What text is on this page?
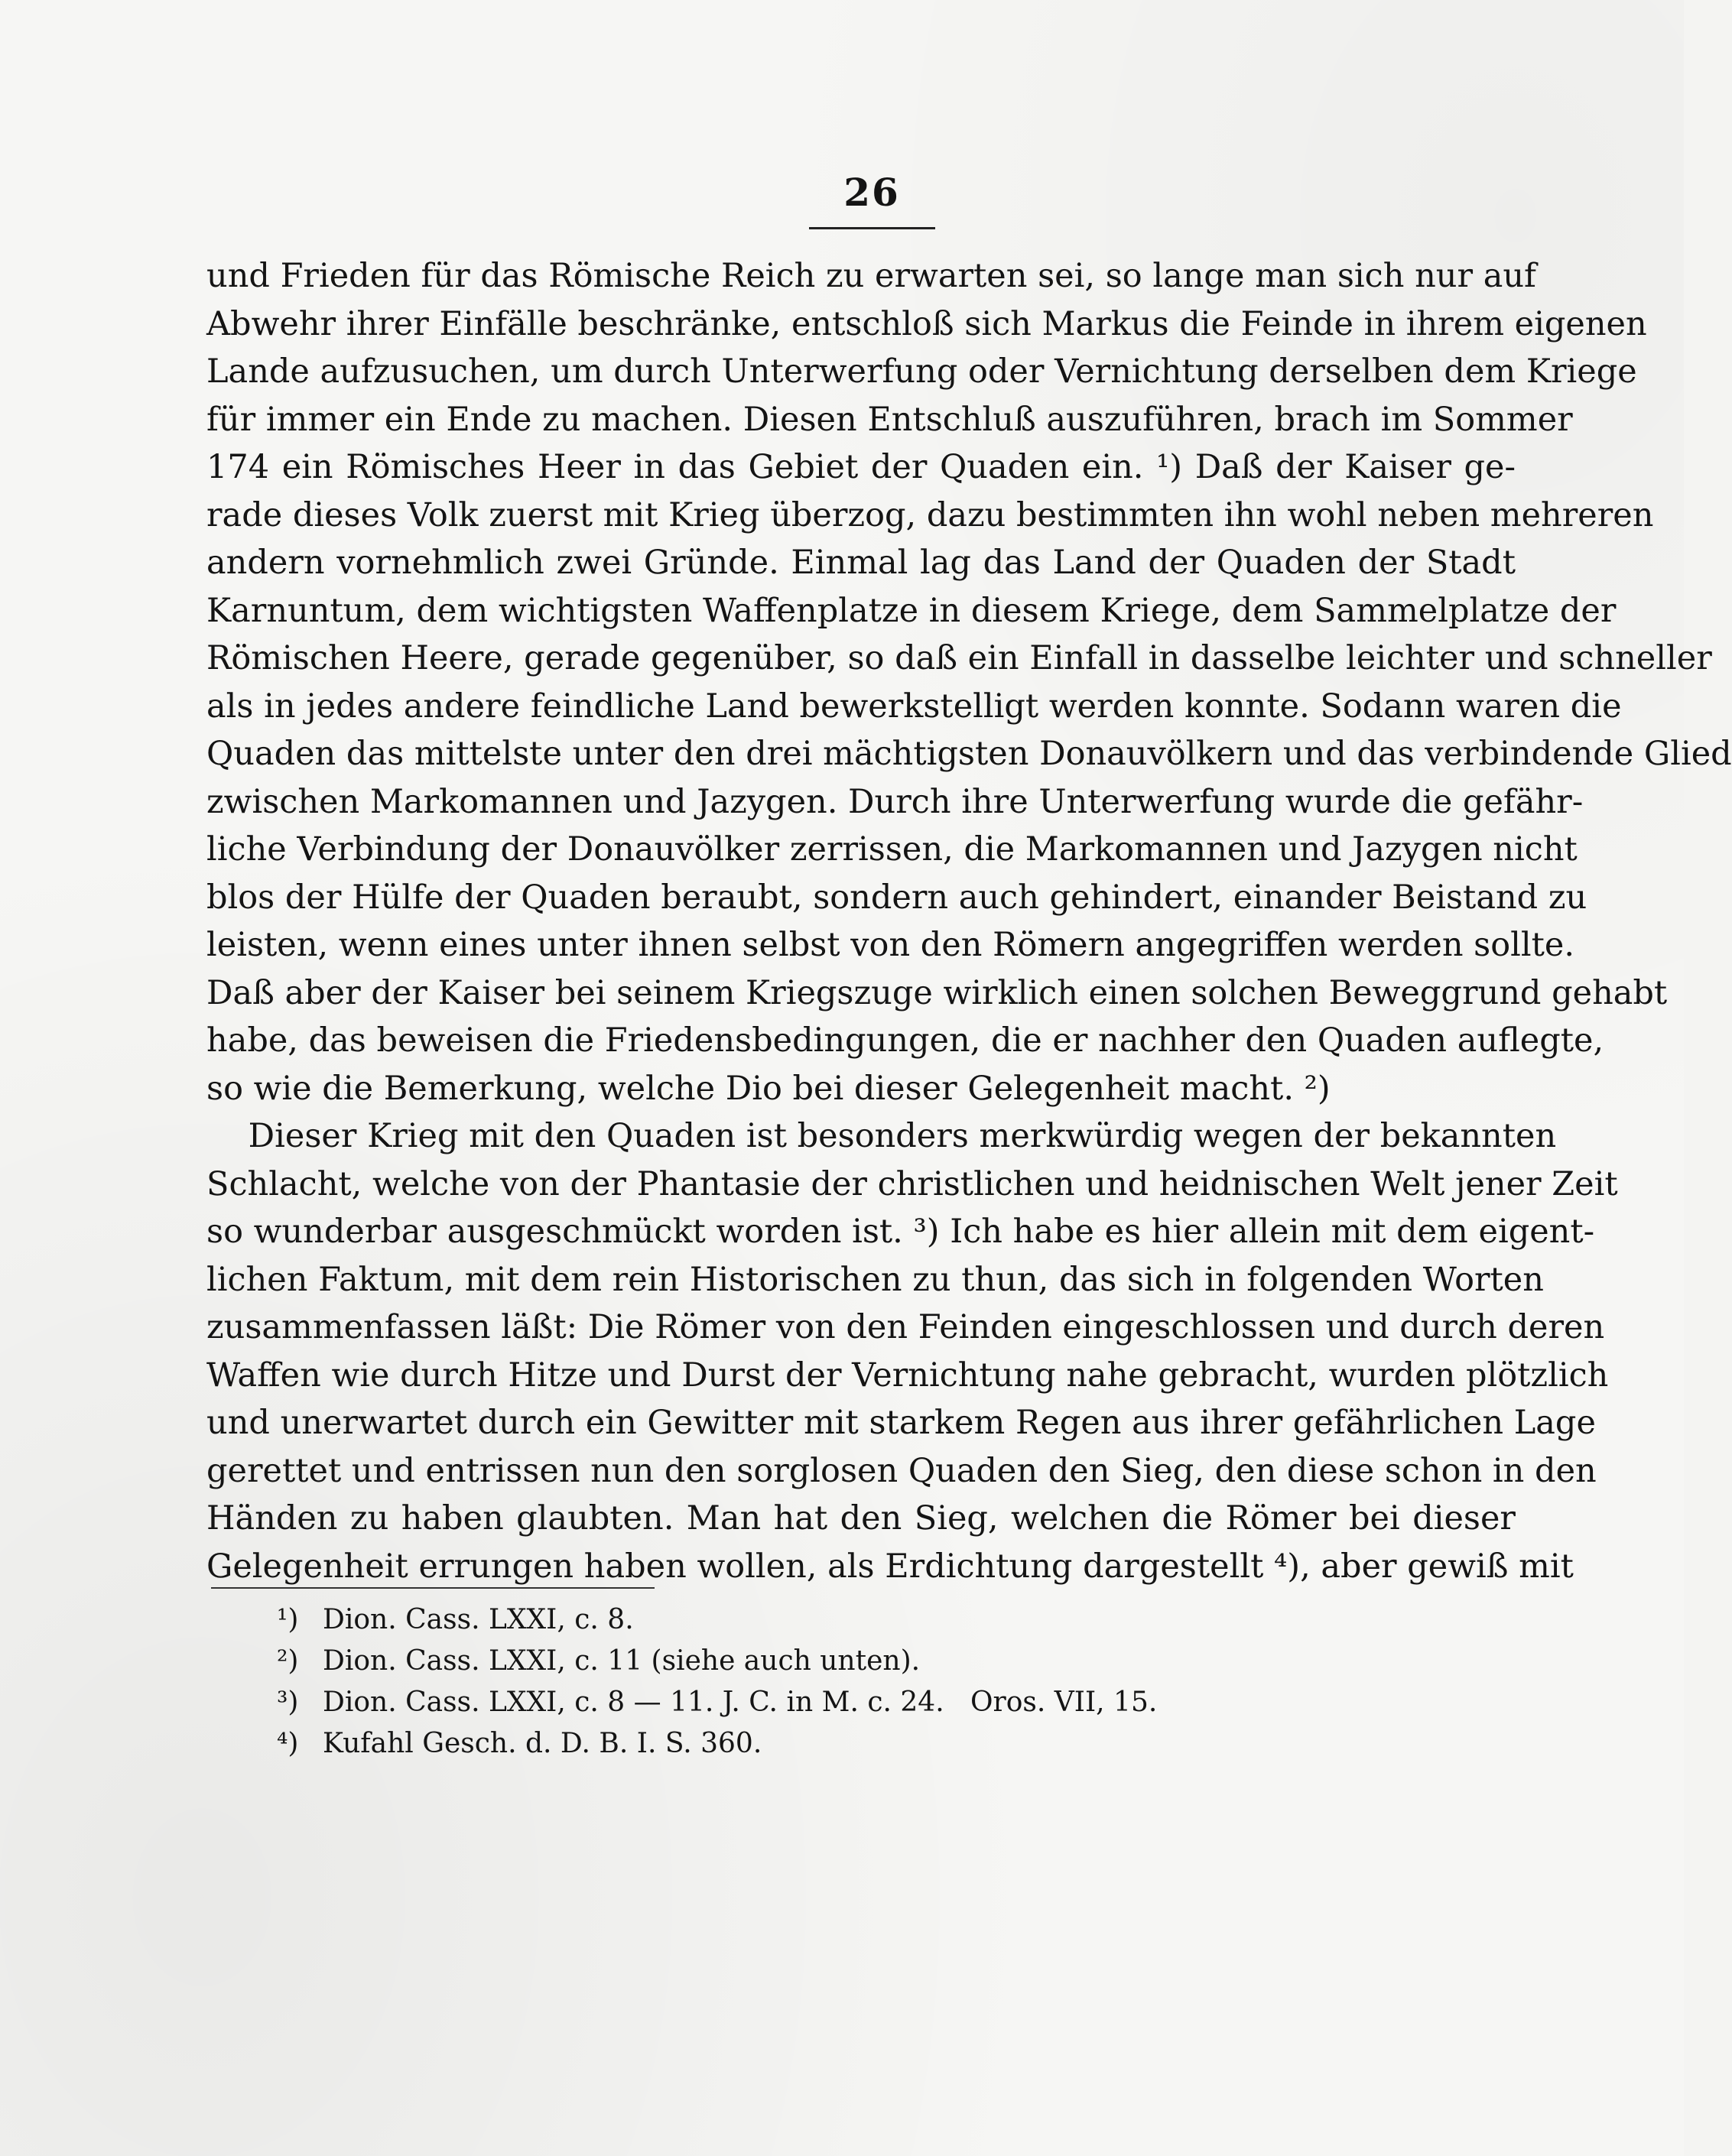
26
und Frieden für das Römische Reich zu erwarten sei, so lange man sich nur auf
Abwehr ihrer Einfälle beschränke, entschloß sich Markus die Feinde in ihrem eigenen
Lande aufzusuchen, um durch Unterwerfung oder Vernichtung derselben dem Kriege
für immer ein Ende zu machen. Diesen Entschluß auszuführen, brach im Sommer
174 ein Römisches Heer in das Gebiet der Quaden ein. ¹) Daß der Kaiser ge-
rade dieses Volk zuerst mit Krieg überzog, dazu bestimmten ihn wohl neben mehreren
andern vornehmlich zwei Gründe. Einmal lag das Land der Quaden der Stadt
Karnuntum, dem wichtigsten Waffenplatze in diesem Kriege, dem Sammelplatze der
Römischen Heere, gerade gegenüber, so daß ein Einfall in dasselbe leichter und schneller
als in jedes andere feindliche Land bewerkstelligt werden konnte. Sodann waren die
Quaden das mittelste unter den drei mächtigsten Donauvölkern und das verbindende Glied
zwischen Markomannen und Jazygen. Durch ihre Unterwerfung wurde die gefähr-
liche Verbindung der Donauvölker zerrissen, die Markomannen und Jazygen nicht
blos der Hülfe der Quaden beraubt, sondern auch gehindert, einander Beistand zu
leisten, wenn eines unter ihnen selbst von den Römern angegriffen werden sollte.
Daß aber der Kaiser bei seinem Kriegszuge wirklich einen solchen Beweggrund gehabt
habe, das beweisen die Friedensbedingungen, die er nachher den Quaden auflegte,
so wie die Bemerkung, welche Dio bei dieser Gelegenheit macht. ²)
Dieser Krieg mit den Quaden ist besonders merkwürdig wegen der bekannten
Schlacht, welche von der Phantasie der christlichen und heidnischen Welt jener Zeit
so wunderbar ausgeschmückt worden ist. ³) Ich habe es hier allein mit dem eigent-
lichen Faktum, mit dem rein Historischen zu thun, das sich in folgenden Worten
zusammenfassen läßt: Die Römer von den Feinden eingeschlossen und durch deren
Waffen wie durch Hitze und Durst der Vernichtung nahe gebracht, wurden plötzlich
und unerwartet durch ein Gewitter mit starkem Regen aus ihrer gefährlichen Lage
gerettet und entrissen nun den sorglosen Quaden den Sieg, den diese schon in den
Händen zu haben glaubten. Man hat den Sieg, welchen die Römer bei dieser
Gelegenheit errungen haben wollen, als Erdichtung dargestellt ⁴), aber gewiß mit
¹) Dion. Cass. LXXI, c. 8.
²) Dion. Cass. LXXI, c. 11 (siehe auch unten).
³) Dion. Cass. LXXI, c. 8 — 11. J. C. in M. c. 24.   Oros. VII, 15.
⁴) Kufahl Gesch. d. D. B. I. S. 360.
